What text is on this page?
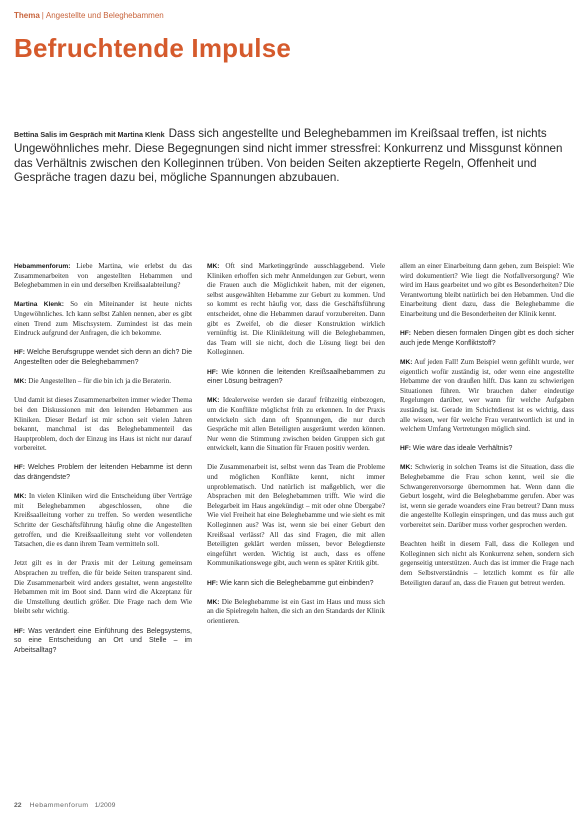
Thema | Angestellte und Beleghebammen
Befruchtende Impulse
Bettina Salis im Gespräch mit Martina Klenk Dass sich angestellte und Beleghebammen im Kreißsaal treffen, ist nichts Ungewöhnliches mehr. Diese Begegnungen sind nicht immer stressfrei: Konkurrenz und Missgunst können das Verhältnis zwischen den Kolleginnen trüben. Von beiden Seiten akzeptierte Regeln, Offenheit und Gespräche tragen dazu bei, mögliche Spannungen abzubauen.

Hebammenforum: Liebe Martina, wie erlebst du das Zusammenarbeiten von angestellten Hebammen und Beleghebammen in ein und derselben Kreißsaalabteilung?

Martina Klenk: So ein Miteinander ist heute nichts Ungewöhnliches. Ich kann selbst Zahlen nennen, aber es gibt einen Trend zum Mischsystem. Zumindest ist das mein Eindruck aufgrund der Anfragen, die ich bekomme.

HF: Welche Berufsgruppe wendet sich denn an dich? Die Angestellten oder die Beleghebammen?

MK: Die Angestellten – für die bin ich ja die Beraterin.

Und damit ist dieses Zusammenarbeiten immer wieder Thema bei den Diskussionen mit den leitenden Hebammen aus Kliniken. Dieser Bedarf ist mir schon seit vielen Jahren bekannt, manchmal ist das Beleghebammenteil das Hauptproblem, doch der Einzug ins Haus ist nicht nur darauf vorbereitet.

HF: Welches Problem der leitenden Hebamme ist denn das drängendste?

MK: In vielen Kliniken wird die Entscheidung über Verträge mit Beleghebammen abgeschlossen, ohne die Kreißsaalleitung vorher zu treffen. So werden wesentliche Schritte der Geschäftsführung häufig ohne die Angestellten getroffen, und die Kreißsaalleitung steht vor vollendeten Tatsachen, die es dann ihrem Team vermitteln soll.

Jetzt gilt es in der Praxis mit der Leitung gemeinsam Absprachen zu treffen, die für beide Seiten transparent sind. Die Zusammenarbeit wird anders gestaltet, wenn angestellte Hebammen mit im Boot sind. Dann wird die Akzeptanz für die Umstellung deutlich größer. Die Frage nach dem Wie bleibt sehr wichtig.

HF: Was verändert eine Einführung des Belegsystems, so eine Entscheidung an Ort und Stelle – im Arbeitsalltag?

MK: Oft sind Marketinggründe ausschlaggebend. Viele Kliniken erhoffen sich mehr Anmeldungen zur Geburt, wenn die Frauen auch die Möglichkeit haben, mit der eigenen, selbst ausgewählten Hebamme zur Geburt zu kommen. Und so kommt es recht häufig vor, dass die Geschäftsführung entscheidet, ohne die Hebammen darauf vorzubereiten. Dann gibt es Zweifel, ob die dieser Konstruktion wirklich vernünftig ist. Die Klinikleitung will die Beleghebammen, das Team will sie nicht, doch die Lösung liegt bei den Kolleginnen.

HF: Wie können die leitenden Kreißsaalhebammen zu einer Lösung beitragen?

MK: Idealerweise werden sie darauf frühzeitig einbezogen, um die Konflikte möglichst früh zu erkennen. In der Praxis entwickeln sich dann oft Spannungen, die nur durch Gespräche mit allen Beteiligten ausgeräumt werden können. Nur wenn die Stimmung zwischen beiden Gruppen sich gut entwickelt, kann die Situation für Frauen positiv werden.

Die Zusammenarbeit ist, selbst wenn das Team die Probleme und möglichen Konflikte kennt, nicht immer unproblematisch. Und natürlich ist maßgeblich, wer die Absprachen mit den Beleghebammen trifft. Wie wird die Belegarbeit im Haus angekündigt – mit oder ohne Übergabe? Wie viel Freiheit hat eine Beleghebamme und wie sieht es mit Kolleginnen aus? Was ist, wenn sie bei einer Geburt den Kreißsaal verlässt? All das sind Fragen, die mit allen Beteiligten geklärt werden müssen, bevor Belegdienste eingeführt werden. Wichtig ist auch, dass es offene Kommunikationswege gibt, auch wenn es später Kritik gibt.

HF: Wie kann sich die Beleghebamme gut einbinden?

MK: Die Beleghebamme ist ein Gast im Haus und muss sich an die Spielregeln halten, die sich an den Standards der Klinik orientieren.

allem an einer Einarbeitung dann gehen, zum Beispiel: Wie wird dokumentiert? Wie liegt die Notfallversorgung? Wie wird im Haus gearbeitet und wo gibt es Besonderheiten? Die Verantwortung bleibt natürlich bei den Hebammen. Und die Einarbeitung dient dazu, dass die Beleghebamme die Einarbeitung und die Besonderheiten der Klinik kennt.

HF: Neben diesen formalen Dingen gibt es doch sicher auch jede Menge Konfliktstoff?

MK: Auf jeden Fall! Zum Beispiel wenn gefühlt wurde, wer eigentlich wofür zuständig ist, oder wenn eine angestellte Hebamme der von draußen hilft. Das kann zu schwierigen Situationen führen. Wir brauchen daher eindeutige Regelungen darüber, wer wann für welche Aufgaben zuständig ist. Gerade im Schichtdienst ist es wichtig, dass alle wissen, wer für welche Frau verantwortlich ist und in welchem Umfang Vertretungen möglich sind.

HF: Wie wäre das ideale Verhältnis?

MK: Schwierig in solchen Teams ist die Situation, dass die Beleghebamme die Frau schon kennt, weil sie die Schwangerenvorsorge übernommen hat. Wenn dann die Geburt losgeht, wird die Beleghebamme gerufen. Aber was ist, wenn sie gerade woanders eine Frau betreut? Dann muss die angestellte Kollegin einspringen, und das muss auch gut vorbereitet sein. Darüber muss vorher gesprochen werden.

Beachten heißt in diesem Fall, dass die Kollegen und Kolleginnen sich nicht als Konkurrenz sehen, sondern sich gegenseitig unterstützen. Auch das ist immer die Frage nach dem Selbstverständnis – letztlich kommt es für alle Beteiligten darauf an, dass die Frauen gut betreut werden.

22 Hebammenforum 1/2009
